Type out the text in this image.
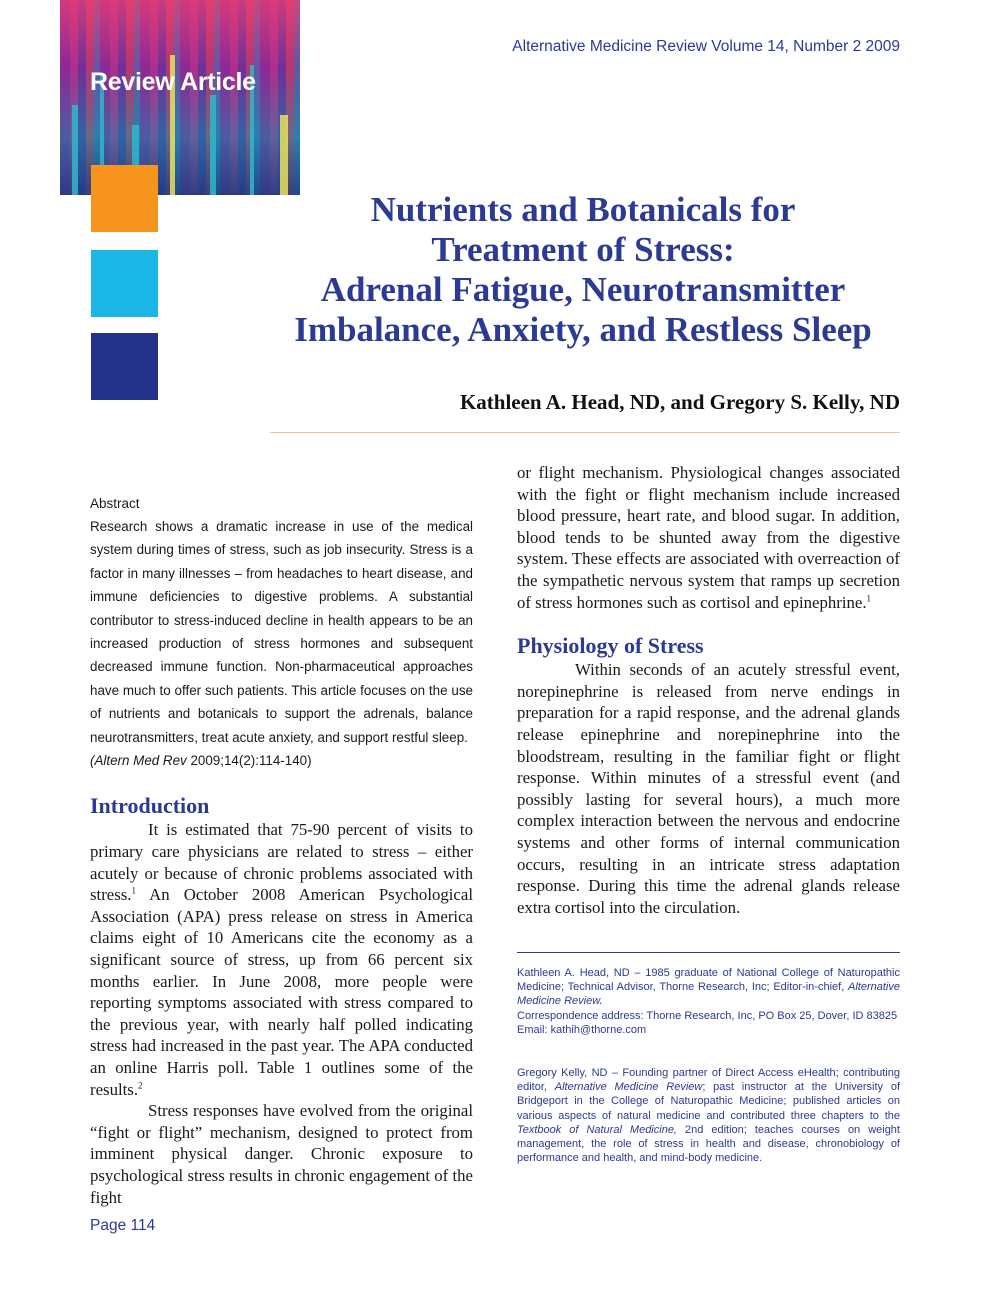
Review Article
Alternative Medicine Review Volume 14, Number 2 2009
Nutrients and Botanicals for
Treatment of Stress:
Adrenal Fatigue, Neurotransmitter
Imbalance, Anxiety, and Restless Sleep
Kathleen A. Head, ND, and Gregory S. Kelly, ND
Abstract

Research shows a dramatic increase in use of the medical system during times of stress, such as job insecurity. Stress is a factor in many illnesses – from headaches to heart disease, and immune deficiencies to digestive problems. A substantial contributor to stress-induced decline in health appears to be an increased production of stress hormones and subsequent decreased immune function. Non-pharmaceutical approaches have much to offer such patients. This article focuses on the use of nutrients and botanicals to support the adrenals, balance neurotransmitters, treat acute anxiety, and support restful sleep.
(Altern Med Rev 2009;14(2):114-140)

Introduction

It is estimated that 75-90 percent of visits to primary care physicians are related to stress – either acutely or because of chronic problems associated with stress.$^1$ An October 2008 American Psychological Association (APA) press release on stress in America claims eight of 10 Americans cite the economy as a significant source of stress, up from 66 percent six months earlier. In June 2008, more people were reporting symptoms associated with stress compared to the previous year, with nearly half polled indicating stress had increased in the past year. The APA conducted an online Harris poll. Table 1 outlines some of the results.$^2$

Stress responses have evolved from the original “fight or flight” mechanism, designed to protect from imminent physical danger. Chronic exposure to psychological stress results in chronic engagement of the fight

or flight mechanism. Physiological changes associated with the fight or flight mechanism include increased blood pressure, heart rate, and blood sugar. In addition, blood tends to be shunted away from the digestive system. These effects are associated with overreaction of the sympathetic nervous system that ramps up secretion of stress hormones such as cortisol and epinephrine.$^1$

Physiology of Stress

Within seconds of an acutely stressful event, norepinephrine is released from nerve endings in preparation for a rapid response, and the adrenal glands release epinephrine and norepinephrine into the bloodstream, resulting in the familiar fight or flight response. Within minutes of a stressful event (and possibly lasting for several hours), a much more complex interaction between the nervous and endocrine systems and other forms of internal communication occurs, resulting in an intricate stress adaptation response. During this time the adrenal glands release extra cortisol into the circulation.

Kathleen A. Head, ND – 1985 graduate of National College of Naturopathic Medicine; Technical Advisor, Thorne Research, Inc; Editor-in-chief, Alternative Medicine Review.
Correspondence address: Thorne Research, Inc, PO Box 25, Dover, ID 83825
Email: kathih@thorne.com
Gregory Kelly, ND – Founding partner of Direct Access eHealth; contributing editor, Alternative Medicine Review; past instructor at the University of Bridgeport in the College of Naturopathic Medicine; published articles on various aspects of natural medicine and contributed three chapters to the Textbook of Natural Medicine, 2nd edition; teaches courses on weight management, the role of stress in health and disease, chronobiology of performance and health, and mind-body medicine.
Page 114
